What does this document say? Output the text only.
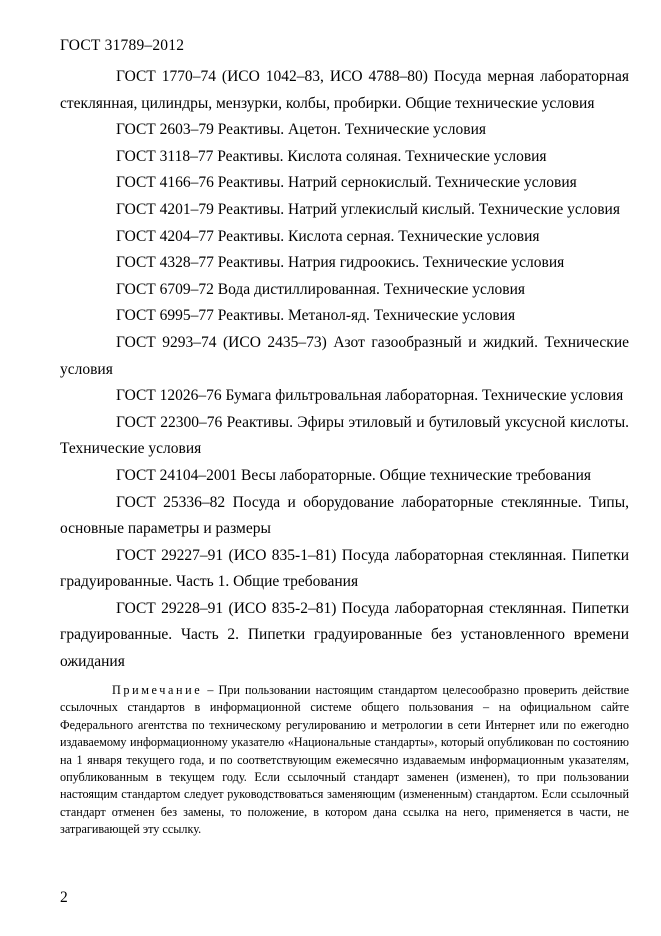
ГОСТ 31789–2012

ГОСТ 1770–74 (ИСО 1042–83, ИСО 4788–80) Посуда мерная лабораторная стеклянная, цилиндры, мензурки, колбы, пробирки. Общие технические условия

ГОСТ 2603–79 Реактивы. Ацетон. Технические условия

ГОСТ 3118–77 Реактивы. Кислота соляная. Технические условия

ГОСТ 4166–76 Реактивы. Натрий сернокислый. Технические условия

ГОСТ 4201–79 Реактивы. Натрий углекислый кислый. Технические условия

ГОСТ 4204–77 Реактивы. Кислота серная. Технические условия

ГОСТ 4328–77 Реактивы. Натрия гидроокись. Технические условия

ГОСТ 6709–72 Вода дистиллированная. Технические условия

ГОСТ 6995–77 Реактивы. Метанол-яд. Технические условия

ГОСТ 9293–74 (ИСО 2435–73) Азот газообразный и жидкий. Технические условия

ГОСТ 12026–76 Бумага фильтровальная лабораторная. Технические условия

ГОСТ 22300–76 Реактивы. Эфиры этиловый и бутиловый уксусной кислоты. Технические условия

ГОСТ 24104–2001 Весы лабораторные. Общие технические требования

ГОСТ 25336–82 Посуда и оборудование лабораторные стеклянные. Типы, основные параметры и размеры

ГОСТ 29227–91 (ИСО 835-1–81) Посуда лабораторная стеклянная. Пипетки градуированные. Часть 1. Общие требования

ГОСТ 29228–91 (ИСО 835-2–81) Посуда лабораторная стеклянная. Пипетки градуированные. Часть 2. Пипетки градуированные без установленного времени ожидания

Примечание – При пользовании настоящим стандартом целесообразно проверить действие ссылочных стандартов в информационной системе общего пользования – на официальном сайте Федерального агентства по техническому регулированию и метрологии в сети Интернет или по ежегодно издаваемому информационному указателю «Национальные стандарты», который опубликован по состоянию на 1 января текущего года, и по соответствующим ежемесячно издаваемым информационным указателям, опубликованным в текущем году. Если ссылочный стандарт заменен (изменен), то при пользовании настоящим стандартом следует руководствоваться заменяющим (измененным) стандартом. Если ссылочный стандарт отменен без замены, то положение, в котором дана ссылка на него, применяется в части, не затрагивающей эту ссылку.

2
